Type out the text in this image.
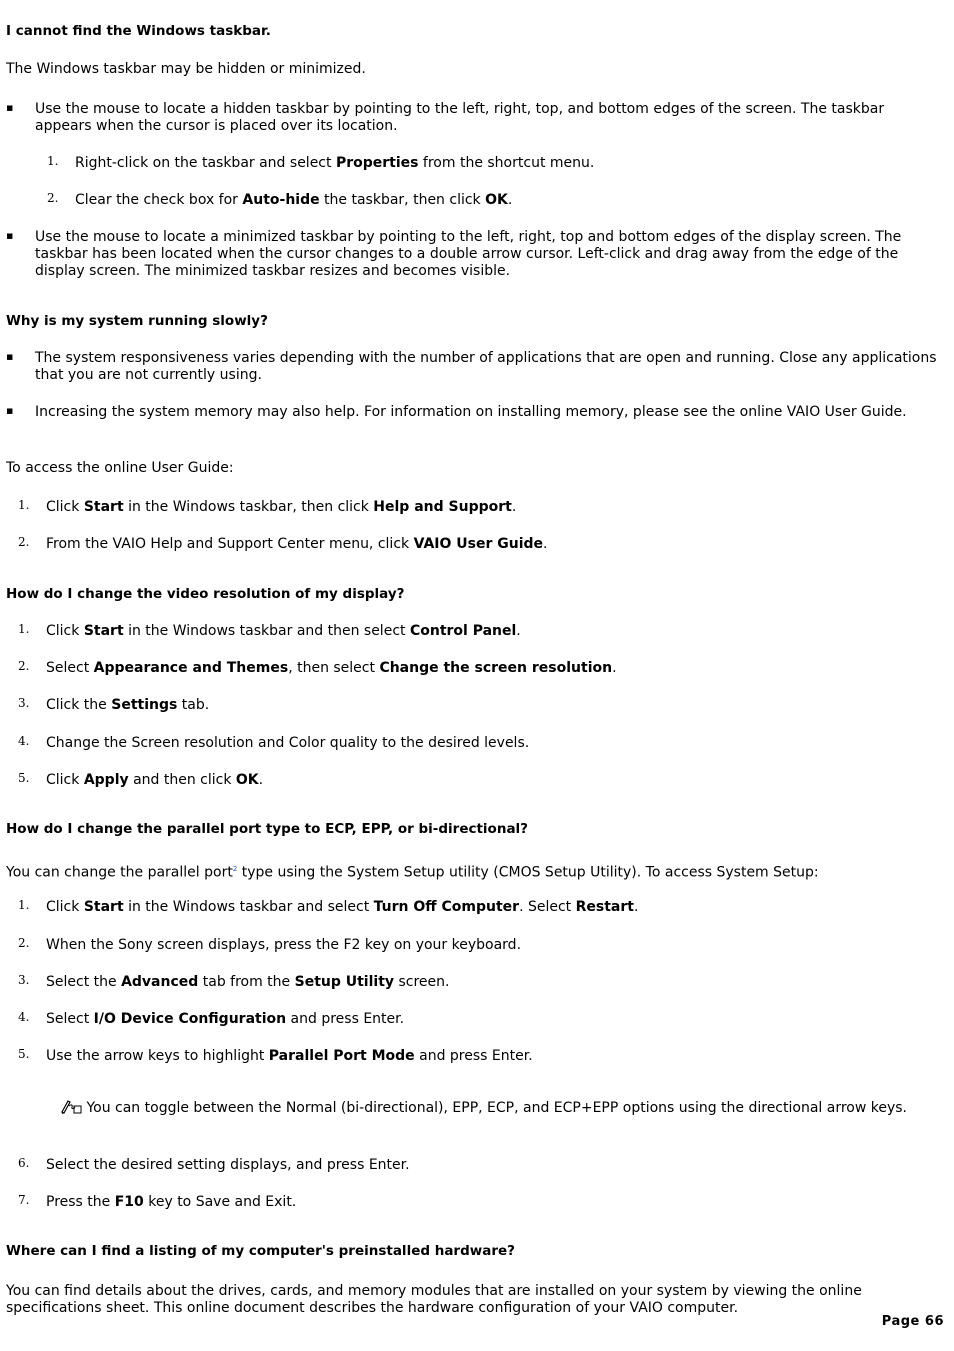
I cannot find the Windows taskbar.
The Windows taskbar may be hidden or minimized.
▪ Use the mouse to locate a hidden taskbar by pointing to the left, right, top, and bottom edges of the screen. The taskbar appears when the cursor is placed over its location.
1. Right-click on the taskbar and select Properties from the shortcut menu.
2. Clear the check box for Auto-hide the taskbar, then click OK.
▪ Use the mouse to locate a minimized taskbar by pointing to the left, right, top and bottom edges of the display screen. The taskbar has been located when the cursor changes to a double arrow cursor. Left-click and drag away from the edge of the display screen. The minimized taskbar resizes and becomes visible.
Why is my system running slowly?
▪ The system responsiveness varies depending with the number of applications that are open and running. Close any applications that you are not currently using.
▪ Increasing the system memory may also help. For information on installing memory, please see the online VAIO User Guide.
To access the online User Guide:
1. Click Start in the Windows taskbar, then click Help and Support.
2. From the VAIO Help and Support Center menu, click VAIO User Guide.
How do I change the video resolution of my display?
1. Click Start in the Windows taskbar and then select Control Panel.
2. Select Appearance and Themes, then select Change the screen resolution.
3. Click the Settings tab.
4. Change the Screen resolution and Color quality to the desired levels.
5. Click Apply and then click OK.
How do I change the parallel port type to ECP, EPP, or bi-directional?
You can change the parallel port$^2$ type using the System Setup utility (CMOS Setup Utility). To access System Setup:
1. Click Start in the Windows taskbar and select Turn Off Computer. Select Restart.
2. When the Sony screen displays, press the F2 key on your keyboard.
3. Select the Advanced tab from the Setup Utility screen.
4. Select I/O Device Configuration and press Enter.
5. Use the arrow keys to highlight Parallel Port Mode and press Enter.
You can toggle between the Normal (bi-directional), EPP, ECP, and ECP+EPP options using the directional arrow keys.
6. Select the desired setting displays, and press Enter.
7. Press the F10 key to Save and Exit.
Where can I find a listing of my computer's preinstalled hardware?
You can find details about the drives, cards, and memory modules that are installed on your system by viewing the online specifications sheet. This online document describes the hardware configuration of your VAIO computer.
Page 66
